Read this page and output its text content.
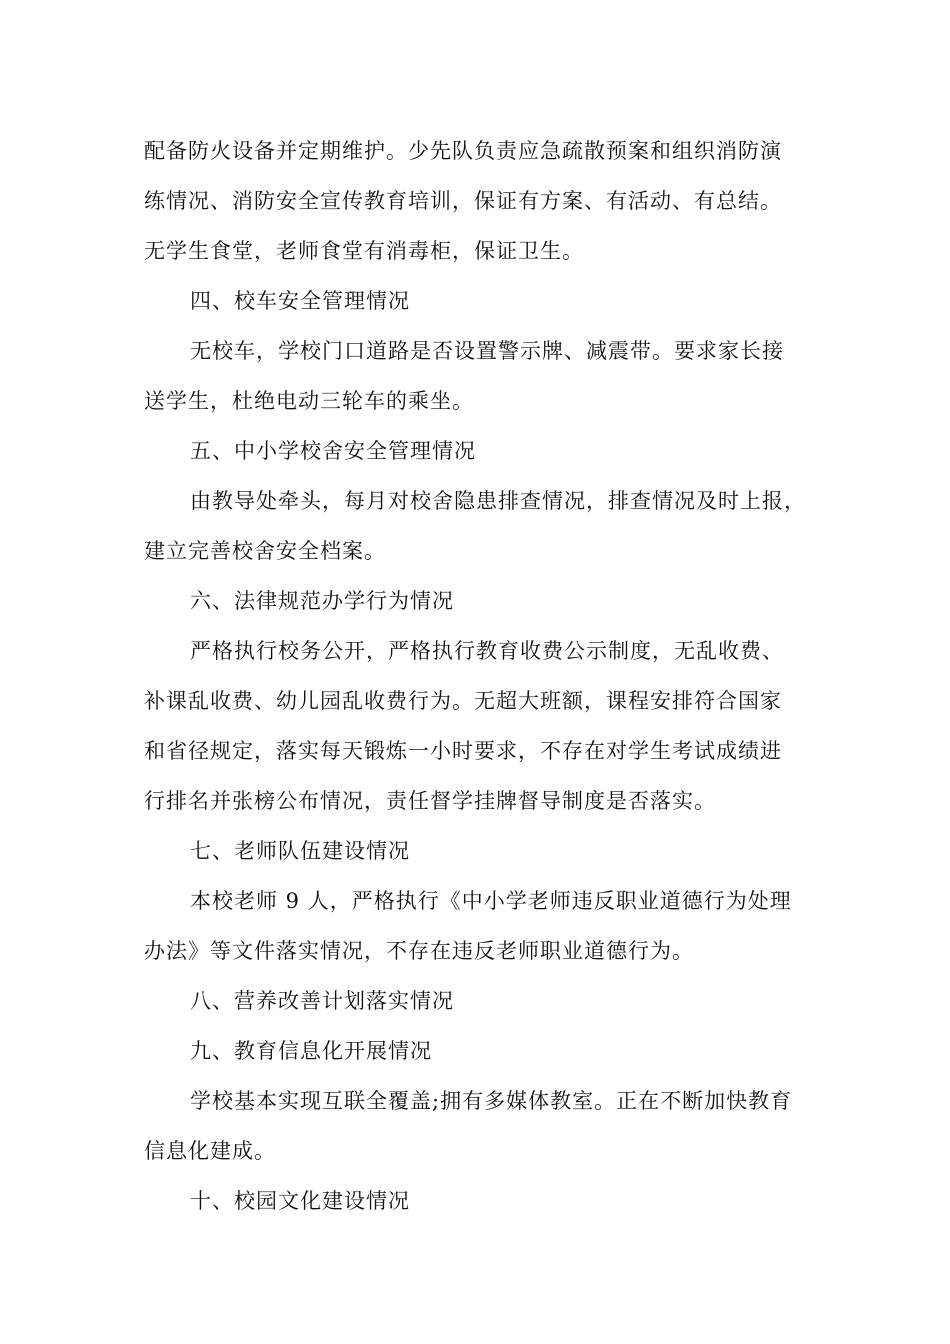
配备防火设备并定期维护。少先队负责应急疏散预案和组织消防演
练情况、消防安全宣传教育培训，保证有方案、有活动、有总结。
无学生食堂，老师食堂有消毒柜，保证卫生。
四、校车安全管理情况
无校车，学校门口道路是否设置警示牌、减震带。要求家长接
送学生，杜绝电动三轮车的乘坐。
五、中小学校舍安全管理情况
由教导处牵头，每月对校舍隐患排查情况，排查情况及时上报，
建立完善校舍安全档案。
六、法律规范办学行为情况
严格执行校务公开，严格执行教育收费公示制度，无乱收费、
补课乱收费、幼儿园乱收费行为。无超大班额，课程安排符合国家
和省径规定，落实每天锻炼一小时要求，不存在对学生考试成绩进
行排名并张榜公布情况，责任督学挂牌督导制度是否落实。
七、老师队伍建设情况
本校老师 9 人，严格执行《中小学老师违反职业道德行为处理
办法》等文件落实情况，不存在违反老师职业道德行为。
八、营养改善计划落实情况
九、教育信息化开展情况
学校基本实现互联全覆盖;拥有多媒体教室。正在不断加快教育
信息化建成。
十、校园文化建设情况
